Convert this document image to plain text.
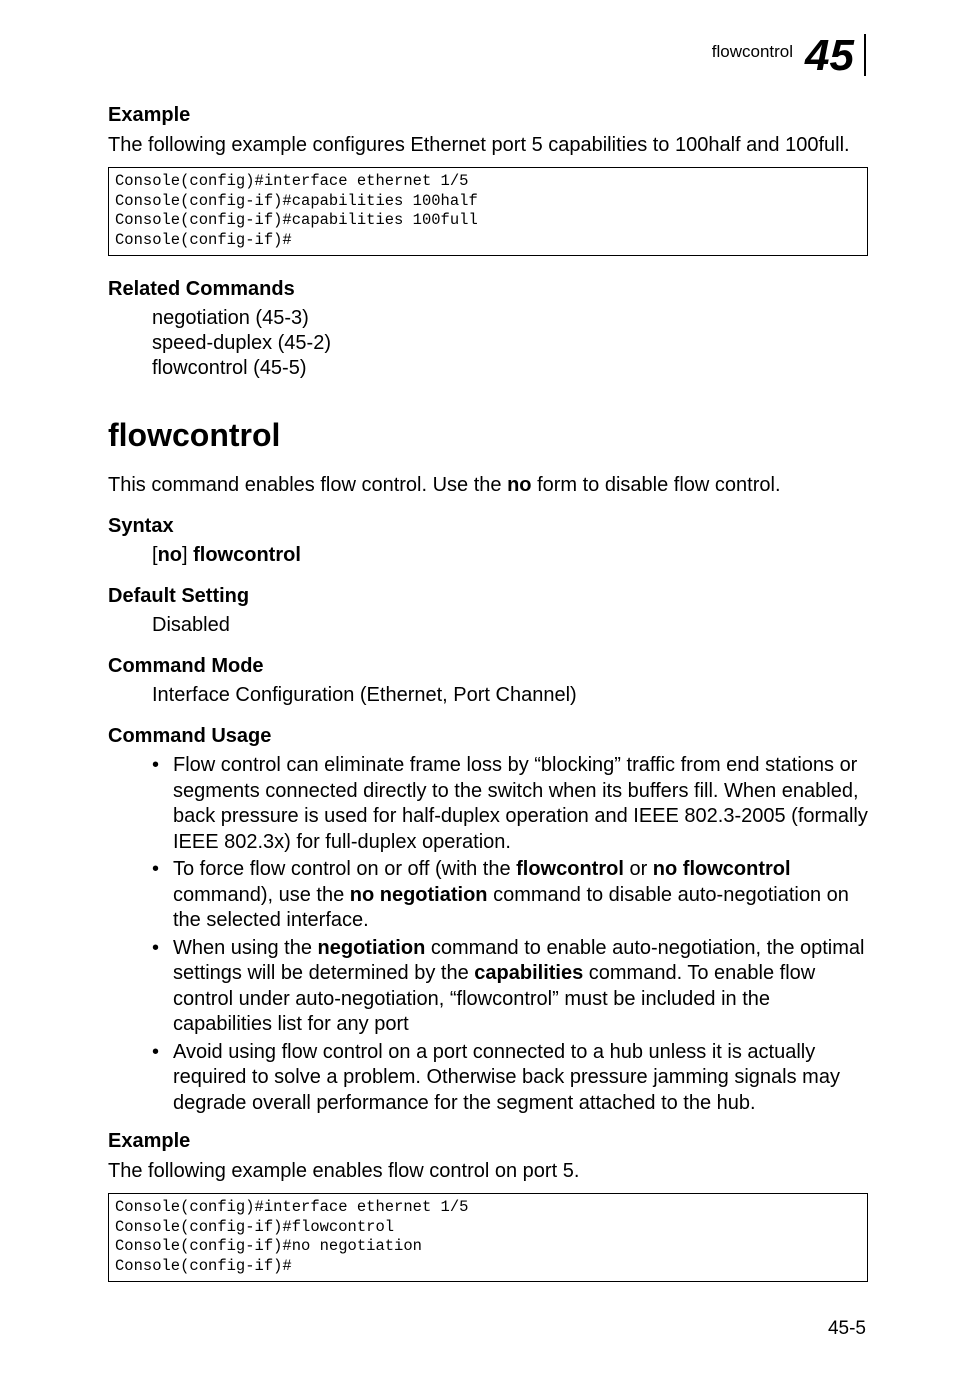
flowcontrol 45
Example
The following example configures Ethernet port 5 capabilities to 100half and 100full.
Console(config)#interface ethernet 1/5
Console(config-if)#capabilities 100half
Console(config-if)#capabilities 100full
Console(config-if)#
Related Commands
negotiation (45-3)
speed-duplex (45-2)
flowcontrol (45-5)
flowcontrol
This command enables flow control. Use the no form to disable flow control.
Syntax
[no] flowcontrol
Default Setting
Disabled
Command Mode
Interface Configuration (Ethernet, Port Channel)
Command Usage
• Flow control can eliminate frame loss by “blocking” traffic from end stations or segments connected directly to the switch when its buffers fill. When enabled, back pressure is used for half-duplex operation and IEEE 802.3-2005 (formally IEEE 802.3x) for full-duplex operation.
• To force flow control on or off (with the flowcontrol or no flowcontrol command), use the no negotiation command to disable auto-negotiation on the selected interface.
• When using the negotiation command to enable auto-negotiation, the optimal settings will be determined by the capabilities command. To enable flow control under auto-negotiation, “flowcontrol” must be included in the capabilities list for any port
• Avoid using flow control on a port connected to a hub unless it is actually required to solve a problem. Otherwise back pressure jamming signals may degrade overall performance for the segment attached to the hub.
Example
The following example enables flow control on port 5.
Console(config)#interface ethernet 1/5
Console(config-if)#flowcontrol
Console(config-if)#no negotiation
Console(config-if)#
45-5
